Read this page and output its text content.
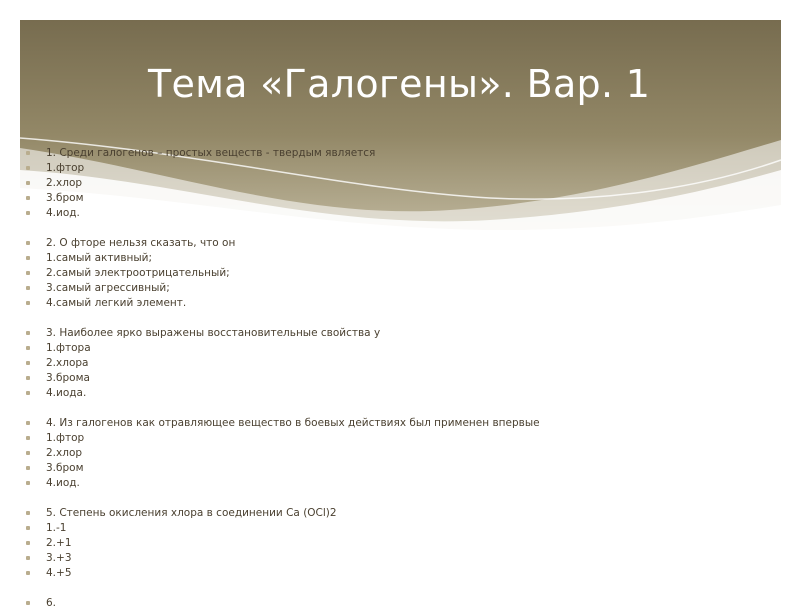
Тема «Галогены». Вар. 1
1. Среди галогенов – простых веществ - твердым является
1.фтор
2.хлор
3.бром
4.иод.
2. О фторе нельзя сказать, что он
1.самый активный;
2.самый электроотрицательный;
3.самый агрессивный;
4.самый легкий элемент.
3. Наиболее ярко выражены восстановительные свойства у
1.фтора
2.хлора
3.брома
4.иода.
4. Из галогенов как отравляющее вещество в боевых действиях был применен впервые
1.фтор
2.хлор
3.бром
4.иод.
5. Степень окисления хлора в соединении Са (OCl)2
1.-1
2.+1
3.+3
4.+5
6.
